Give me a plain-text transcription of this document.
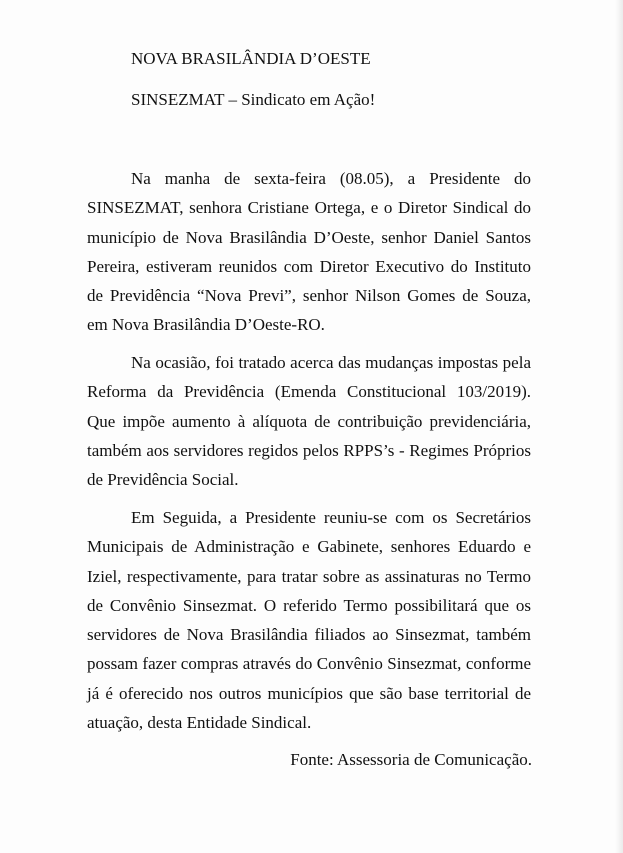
NOVA BRASILÂNDIA D’OESTE
SINSEZMAT – Sindicato em Ação!

Na manha de sexta-feira (08.05), a Presidente do SINSEZMAT, senhora Cristiane Ortega, e o Diretor Sindical do município de Nova Brasilândia D’Oeste, senhor Daniel Santos Pereira, estiveram reunidos com Diretor Executivo do Instituto de Previdência “Nova Previ”, senhor Nilson Gomes de Souza, em Nova Brasilândia D’Oeste-RO.

Na ocasião, foi tratado acerca das mudanças impostas pela Reforma da Previdência (Emenda Constitucional 103/2019). Que impõe aumento à alíquota de contribuição previdenciária, também aos servidores regidos pelos RPPS’s - Regimes Próprios de Previdência Social.

Em Seguida, a Presidente reuniu-se com os Secretários Municipais de Administração e Gabinete, senhores Eduardo e Iziel, respectivamente, para tratar sobre as assinaturas no Termo de Convênio Sinsezmat. O referido Termo possibilitará que os servidores de Nova Brasilândia filiados ao Sinsezmat, também possam fazer compras através do Convênio Sinsezmat, conforme já é oferecido nos outros municípios que são base territorial de atuação, desta Entidade Sindical.

Fonte: Assessoria de Comunicação.
